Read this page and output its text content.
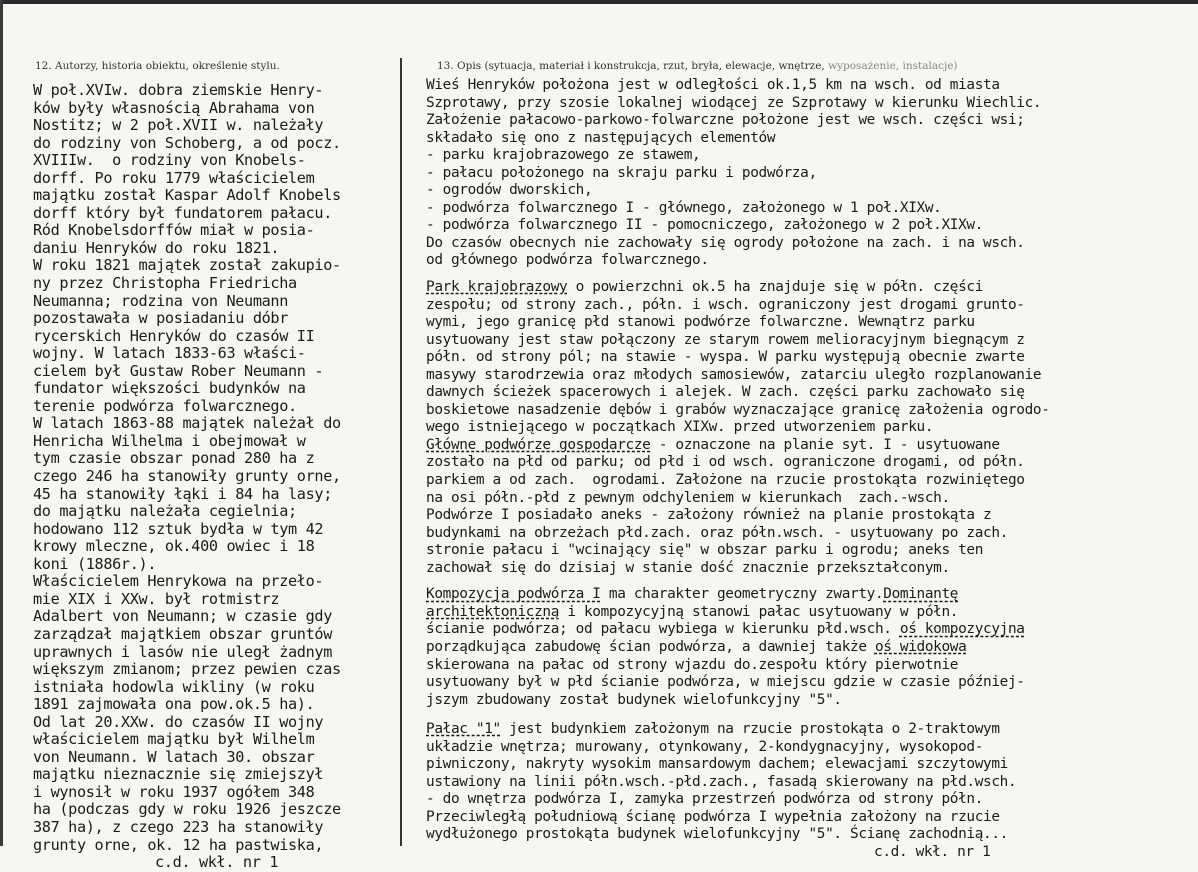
12. Autorzy, historia obiektu, określenie stylu.	13. Opis (sytuacja, materiał i konstrukcja, rzut, bryła, elewacje, wnętrze, wyposażenie, instalacje)
W poł.XVIw. dobra ziemskie Henry-
ków były własnością Abrahama von
Nostitz; w 2 poł.XVII w. należały
do rodziny von Schoberg, a od pocz.
XVIIIw.  o rodziny von Knobels-
dorff. Po roku 1779 właścicielem
majątku został Kaspar Adolf Knobels
dorff który był fundatorem pałacu.
Ród Knobelsdorffów miał w posia-
daniu Henryków do roku 1821.
W roku 1821 majątek został zakupio-
ny przez Christopha Friedricha
Neumanna; rodzina von Neumann
pozostawała w posiadaniu dóbr
rycerskich Henryków do czasów II
wojny. W latach 1833-63 właści-
cielem był Gustaw Rober Neumann -
fundator większości budynków na
terenie podwórza folwarcznego.
W latach 1863-88 majątek należał do
Henricha Wilhelma i obejmował w
tym czasie obszar ponad 280 ha z
czego 246 ha stanowiły grunty orne,
45 ha stanowiły łąki i 84 ha lasy;
do majątku należała cegielnia;
hodowano 112 sztuk bydła w tym 42
krowy mleczne, ok.400 owiec i 18
koni (1886r.).
Właścicielem Henrykowa na przeło-
mie XIX i XXw. był rotmistrz
Adalbert von Neumann; w czasie gdy
zarządzał majątkiem obszar gruntów
uprawnych i lasów nie uległ żadnym
większym zmianom; przez pewien czas
istniała hodowla wikliny (w roku
1891 zajmowała ona pow.ok.5 ha).
Od lat 20.XXw. do czasów II wojny
właścicielem majątku był Wilhelm
von Neumann. W latach 30. obszar
majątku nieznacznie się zmiejszył
i wynosił w roku 1937 ogółem 348
ha (podczas gdy w roku 1926 jeszcze
387 ha), z czego 223 ha stanowiły
grunty orne, ok. 12 ha pastwiska,
c.d. wkł. nr 1
Wieś Henryków położona jest w odległości ok.1,5 km na wsch. od miasta
Szprotawy, przy szosie lokalnej wiodącej ze Szprotawy w kierunku Wiechlic.
Założenie pałacowo-parkowo-folwarczne położone jest we wsch. części wsi;
składało się ono z następujących elementów
- parku krajobrazowego ze stawem,
- pałacu położonego na skraju parku i podwórza,
- ogrodów dworskich,
- podwórza folwarcznego I - głównego, założonego w 1 poł.XIXw.
- podwórza folwarcznego II - pomocniczego, założonego w 2 poł.XIXw.
Do czasów obecnych nie zachowały się ogrody położone na zach. i na wsch.
od głównego podwórza folwarcznego.
Park krajobrazowy o powierzchni ok.5 ha znajduje się w półn. części
zespołu; od strony zach., półn. i wsch. ograniczony jest drogami grunto-
wymi, jego granicę płd stanowi podwórze folwarczne. Wewnątrz parku
usytuowany jest staw połączony ze starym rowem melioracyjnym biegnącym z
półn. od strony pól; na stawie - wyspa. W parku występują obecnie zwarte
masywy starodrzewia oraz młodych samosiewów, zatarciu uległo rozplanowanie
dawnych ścieżek spacerowych i alejek. W zach. części parku zachowało się
boskietowe nasadzenie dębów i grabów wyznaczające granicę założenia ogrodo-
wego istniejącego w początkach XIXw. przed utworzeniem parku.
Główne podwórze gospodarcze - oznaczone na planie syt. I - usytuowane
zostało na płd od parku; od płd i od wsch. ograniczone drogami, od półn.
parkiem a od zach.  ogrodami. Założone na rzucie prostokąta rozwiniętego
na osi półn.-płd z pewnym odchyleniem w kierunkach  zach.-wsch.
Podwórze I posiadało aneks - założony również na planie prostokąta z
budynkami na obrzeżach płd.zach. oraz półn.wsch. - usytuowany po zach.
stronie pałacu i "wcinający się" w obszar parku i ogrodu; aneks ten
zachował się do dzisiaj w stanie dość znacznie przekształconym.
Kompozycja podwórza I ma charakter geometryczny zwarty.Dominantę
architektoniczną i kompozycyjną stanowi pałac usytuowany w półn.
ścianie podwórza; od pałacu wybiega w kierunku płd.wsch. oś kompozycyjna
porządkująca zabudowę ścian podwórza, a dawniej także oś widokowa
skierowana na pałac od strony wjazdu do.zespołu który pierwotnie
usytuowany był w płd ścianie podwórza, w miejscu gdzie w czasie później-
jszym zbudowany został budynek wielofunkcyjny "5".
Pałac "1" jest budynkiem założonym na rzucie prostokąta o 2-traktowym
układzie wnętrza; murowany, otynkowany, 2-kondygnacyjny, wysokopod-
piwniczony, nakryty wysokim mansardowym dachem; elewacjami szczytowymi
ustawiony na linii półn.wsch.-płd.zach., fasadą skierowany na płd.wsch.
- do wnętrza podwórza I, zamyka przestrzeń podwórza od strony półn.
Przeciwległą południową ścianę podwórza I wypełnia założony na rzucie
wydłużonego prostokąta budynek wielofunkcyjny "5". Ścianę zachodnią...
c.d. wkł. nr 1
